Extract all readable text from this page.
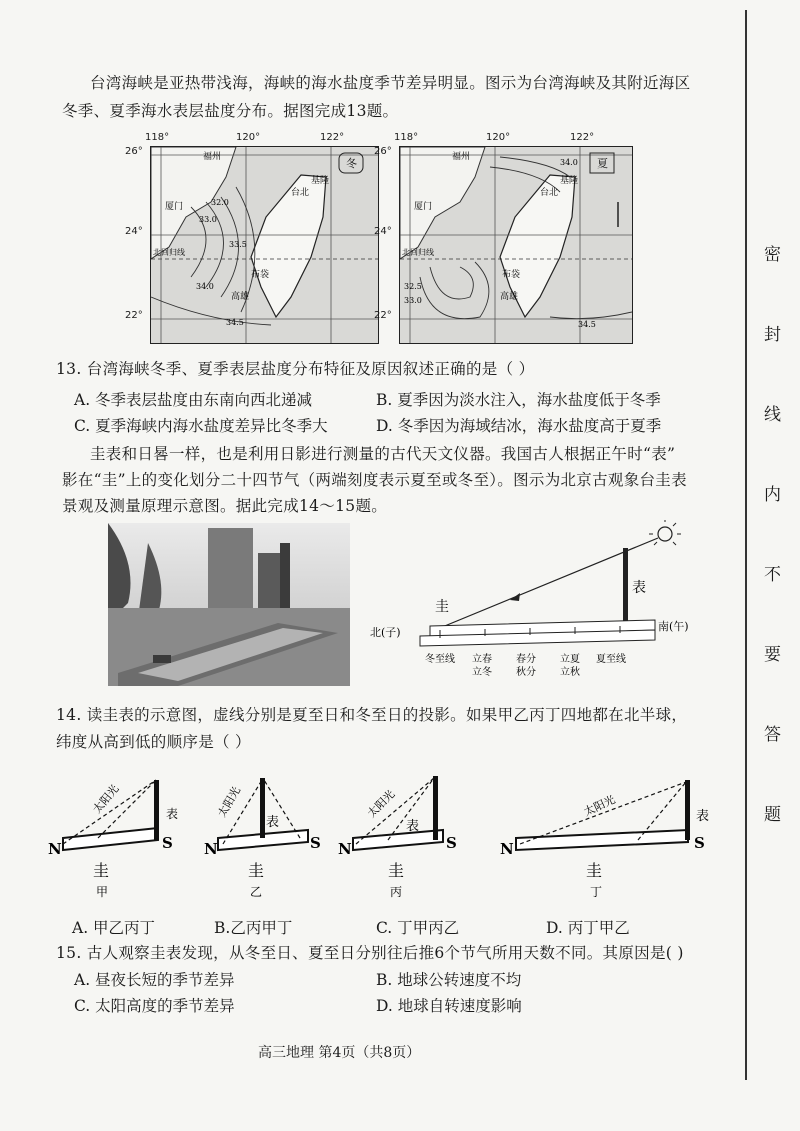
台湾海峡是亚热带浅海，海峡的海水盐度季节差异明显。图示为台湾海峡及其附近海区
冬季、夏季海水表层盐度分布。据图完成13题。
冬
福州
厦门
台北
基隆
北回归线
高雄
布袋
33.0
32.0
33.5
34.0
34.5
118°	120°	122°
26°
24°
22°
夏
福州
厦门
台北
基隆
北回归线
高雄
布袋
34.0
32.5
33.0
34.5
118°	120°	122°
26°
24°
22°
13. 台湾海峡冬季、夏季表层盐度分布特征及原因叙述正确的是（ ）
A. 冬季表层盐度由东南向西北递减	B. 夏季因为淡水注入，海水盐度低于冬季
C. 夏季海峡内海水盐度差异比冬季大	D. 冬季因为海域结冰，海水盐度高于夏季
圭表和日晷一样，也是利用日影进行测量的古代天文仪器。我国古人根据正午时“表”
影在“圭”上的变化划分二十四节气（两端刻度表示夏至或冬至）。图示为北京古观象台圭表
景观及测量原理示意图。据此完成14～15题。
圭
表
北(子)	南(午)
冬至线 立春
立冬
春分
秋分
立夏
立秋
夏至线
14. 读圭表的示意图，虚线分别是夏至日和冬至日的投影。如果甲乙丙丁四地都在北半球，
纬度从高到低的顺序是（ ）
N	S
圭
表
太阳光
甲
N	S
圭
表
太阳光
乙
N	S
圭
表
太阳光
丙
N	S
圭
表
太阳光
丁
A. 甲乙丙丁	B.乙丙甲丁	C. 丁甲丙乙	D. 丙丁甲乙
15. 古人观察圭表发现，从冬至日、夏至日分别往后推6个节气所用天数不同。其原因是( )
A. 昼夜长短的季节差异	B. 地球公转速度不均
C. 太阳高度的季节差异	D. 地球自转速度影响
高三地理 第4页（共8页）
密
封
线
内
不
要
答
题
